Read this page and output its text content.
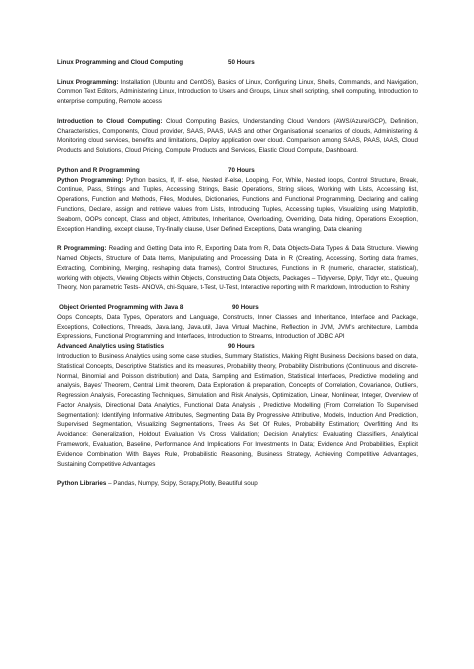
Linux Programming and Cloud Computing	50 Hours

Linux Programming: Installation (Ubuntu and CentOS), Basics of Linux, Configuring Linux, Shells, Commands, and Navigation, Common Text Editors, Administering Linux, Introduction to Users and Groups, Linux shell scripting, shell computing, Introduction to enterprise computing, Remote access

Introduction to Cloud Computing: Cloud Computing Basics, Understanding Cloud Vendors (AWS/Azure/GCP), Definition, Characteristics, Components, Cloud provider, SAAS, PAAS, IAAS and other Organisational scenarios of clouds, Administering & Monitoring cloud services, benefits and limitations, Deploy application over cloud. Comparison among SAAS, PAAS, IAAS, Cloud Products and Solutions, Cloud Pricing, Compute Products and Services, Elastic Cloud Compute, Dashboard.

Python and R Programming	70 Hours

Python Programming: Python basics, If, If- else, Nested if-else, Looping, For, While, Nested loops, Control Structure, Break, Continue, Pass, Strings and Tuples, Accessing Strings, Basic Operations, String slices, Working with Lists, Accessing list, Operations, Function and Methods, Files, Modules, Dictionaries, Functions and Functional Programming, Declaring and calling Functions, Declare, assign and retrieve values from Lists, Introducing Tuples, Accessing tuples, Visualizing using Matplotlib, Seaborn, OOPs concept, Class and object, Attributes, Inheritance, Overloading, Overriding, Data hiding, Operations Exception, Exception Handling, except clause, Try-finally clause, User Defined Exceptions, Data wrangling, Data cleaning

R Programming: Reading and Getting Data into R, Exporting Data from R, Data Objects-Data Types & Data Structure. Viewing Named Objects, Structure of Data Items, Manipulating and Processing Data in R (Creating, Accessing, Sorting data frames, Extracting, Combining, Merging, reshaping data frames), Control Structures, Functions in R (numeric, character, statistical), working with objects, Viewing Objects within Objects, Constructing Data Objects, Packages – Tidyverse, Dplyr, Tidyr etc., Queuing Theory, Non parametric Tests- ANOVA, chi-Square, t-Test, U-Test, Interactive reporting with R markdown, Introduction to Rshiny

Object Oriented Programming with Java 8	90 Hours

Oops Concepts, Data Types, Operators and Language, Constructs, Inner Classes and Inheritance, Interface and Package, Exceptions, Collections, Threads, Java.lang, Java.util, Java Virtual Machine, Reflection in JVM, JVM's architecture, Lambda Expressions, Functional Programming and Interfaces, Introduction to Streams, Introduction of JDBC API

Advanced Analytics using Statistics	90 Hours

Introduction to Business Analytics using some case studies, Summary Statistics, Making Right Business Decisions based on data, Statistical Concepts, Descriptive Statistics and its measures, Probability theory, Probability Distributions (Continuous and discrete- Normal, Binomial and Poisson distribution) and Data, Sampling and Estimation, Statistical Interfaces, Predictive modeling and analysis, Bayes' Theorem, Central Limit theorem, Data Exploration & preparation, Concepts of Correlation, Covariance, Outliers, Regression Analysis, Forecasting Techniques, Simulation and Risk Analysis, Optimization, Linear, Nonlinear, Integer, Overview of Factor Analysis, Directional Data Analytics, Functional Data Analysis , Predictive Modelling (From Correlation To Supervised Segmentation): Identifying Informative Attributes, Segmenting Data By Progressive Attributive, Models, Induction And Prediction, Supervised Segmentation, Visualizing Segmentations, Trees As Set Of Rules, Probability Estimation; Overfitting And Its Avoidance: Generalization, Holdout Evaluation Vs Cross Validation; Decision Analytics: Evaluating Classifiers, Analytical Framework, Evaluation, Baseline, Performance And Implications For Investments In Data; Evidence And Probabilities, Explicit Evidence Combination With Bayes Rule, Probabilistic Reasoning, Business Strategy, Achieving Competitive Advantages, Sustaining Competitive Advantages

Python Libraries – Pandas, Numpy, Scipy, Scrapy,Plotly, Beautiful soup
